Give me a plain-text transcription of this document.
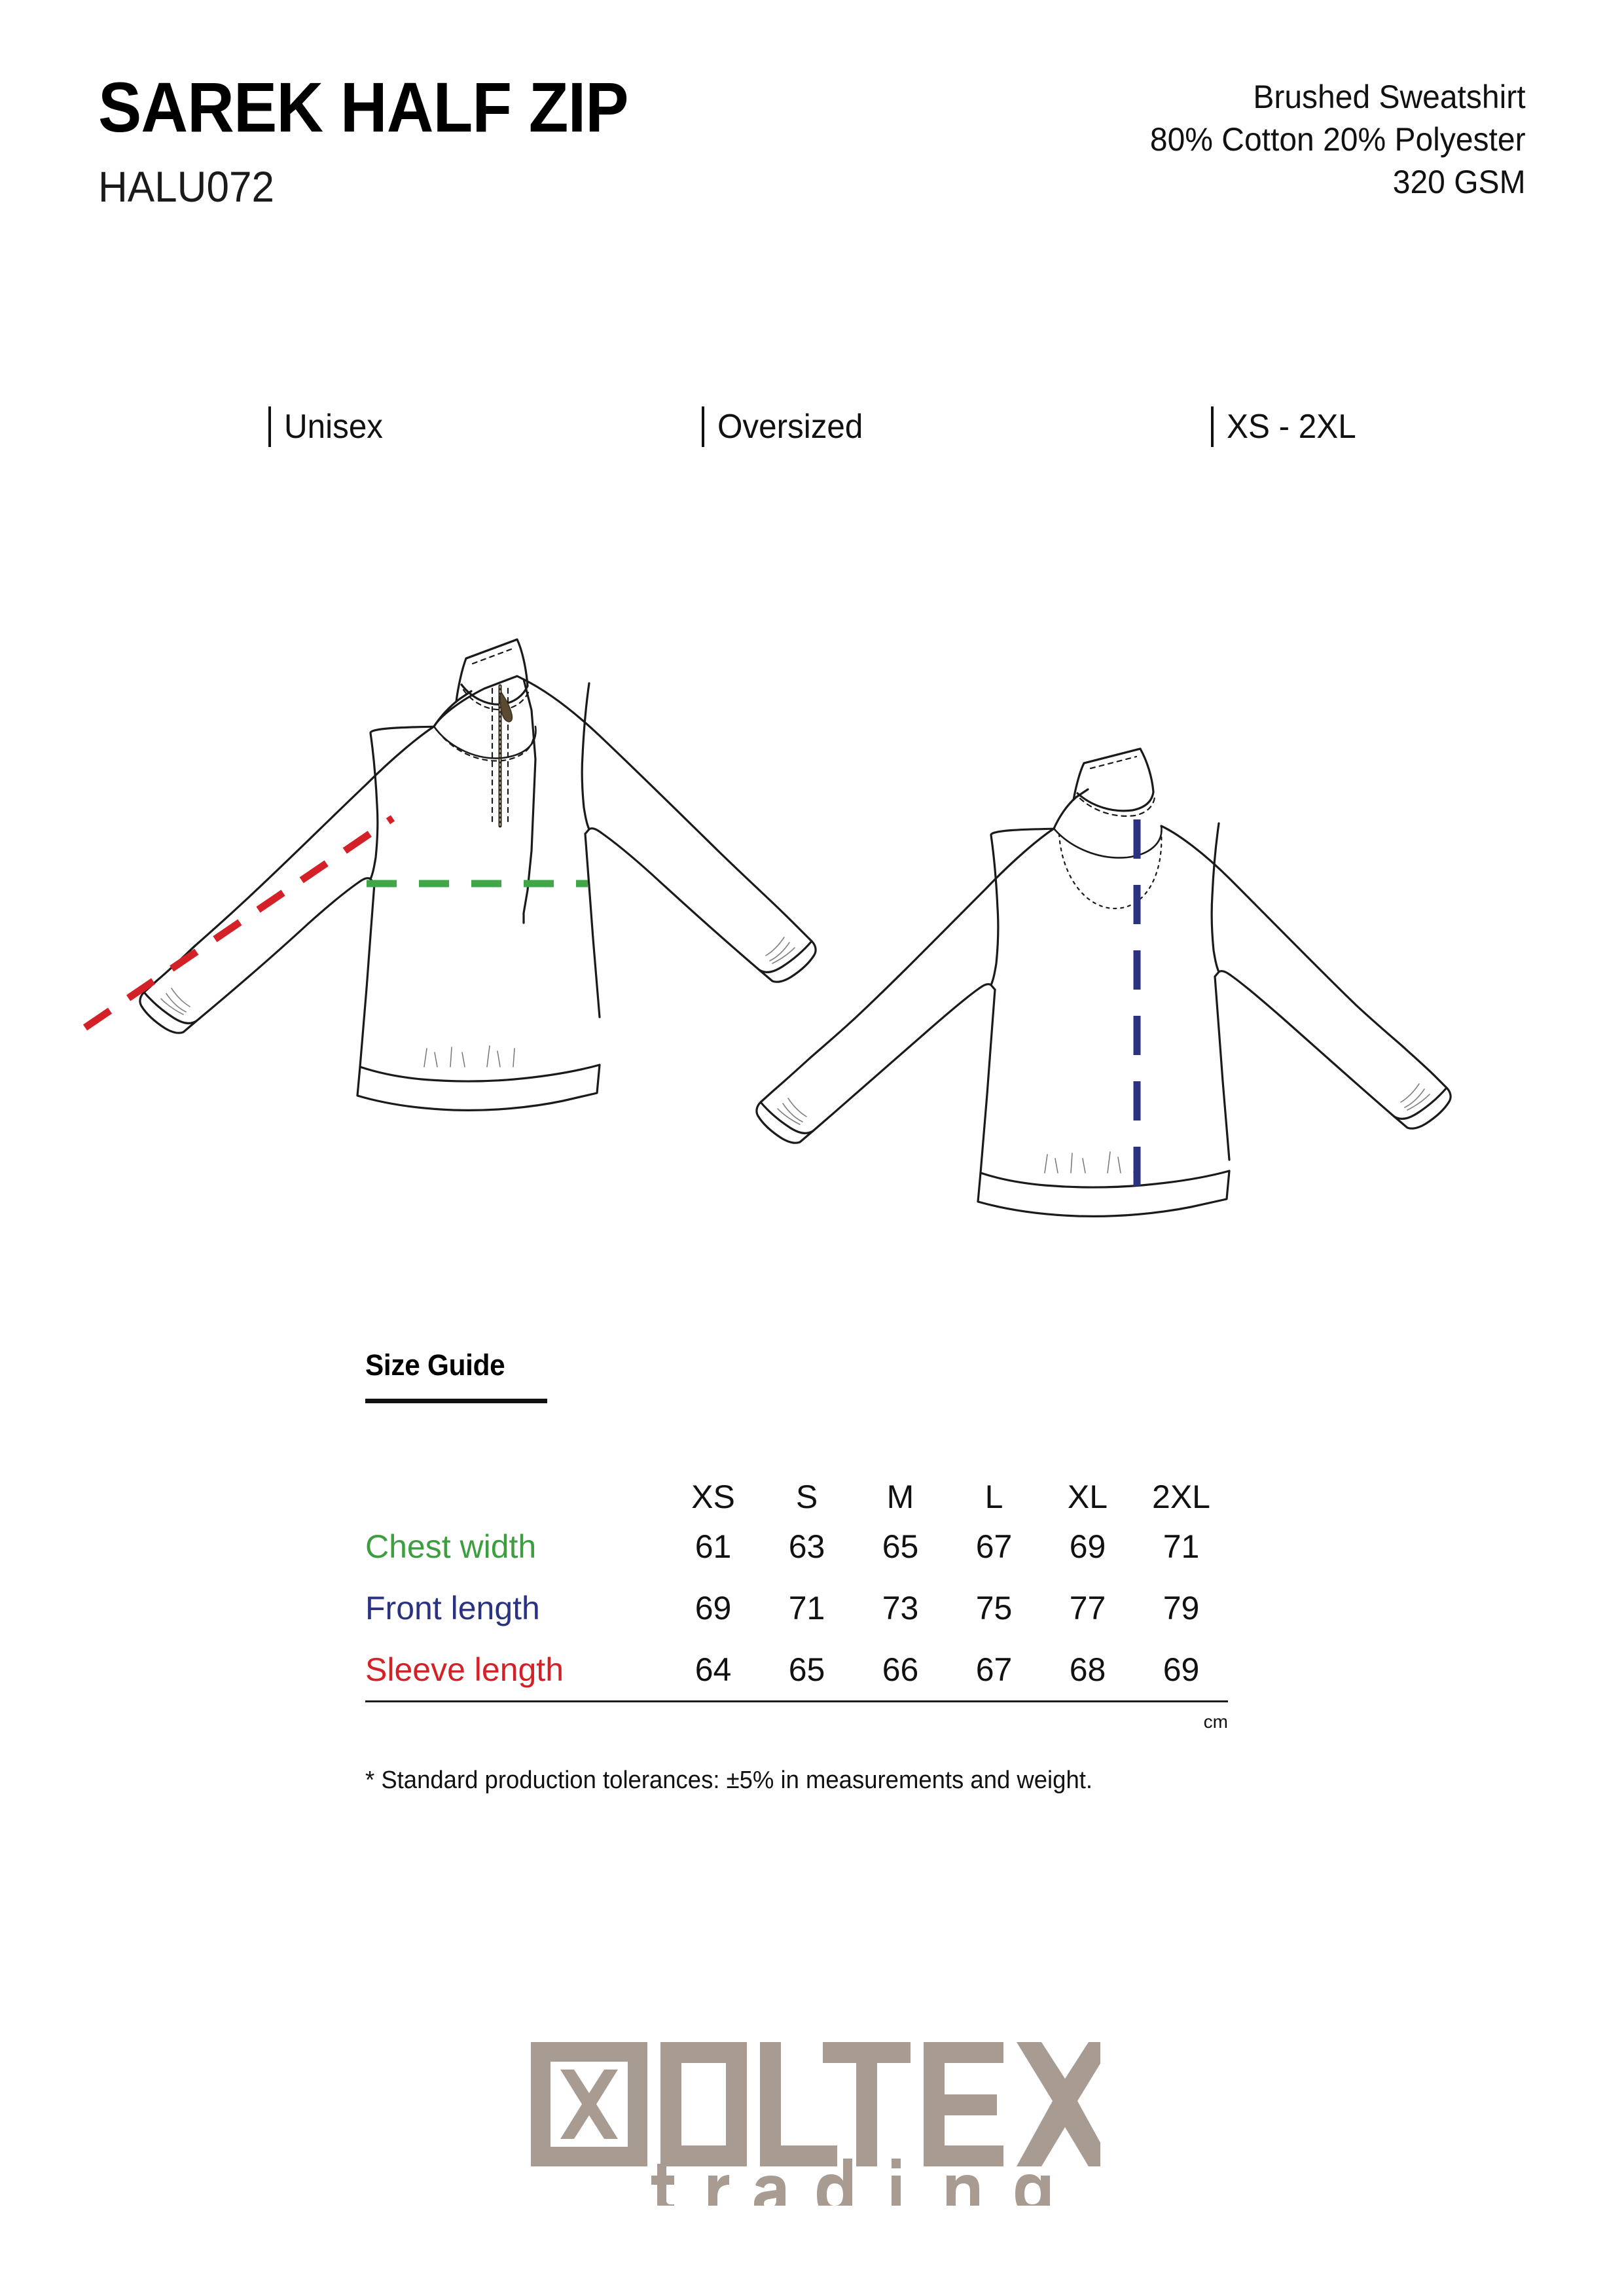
SAREK HALF ZIP
HALU072
Brushed Sweatshirt
80% Cotton 20% Polyester
320 GSM
Unisex	Oversized	XS - 2XL
Size Guide
	XS	S	M	L	XL	2XL
Chest width	61	63	65	67	69	71
Front length	69	71	73	75	77	79
Sleeve length	64	65	66	67	68	69
cm
* Standard production tolerances: ±5% in measurements and weight.
